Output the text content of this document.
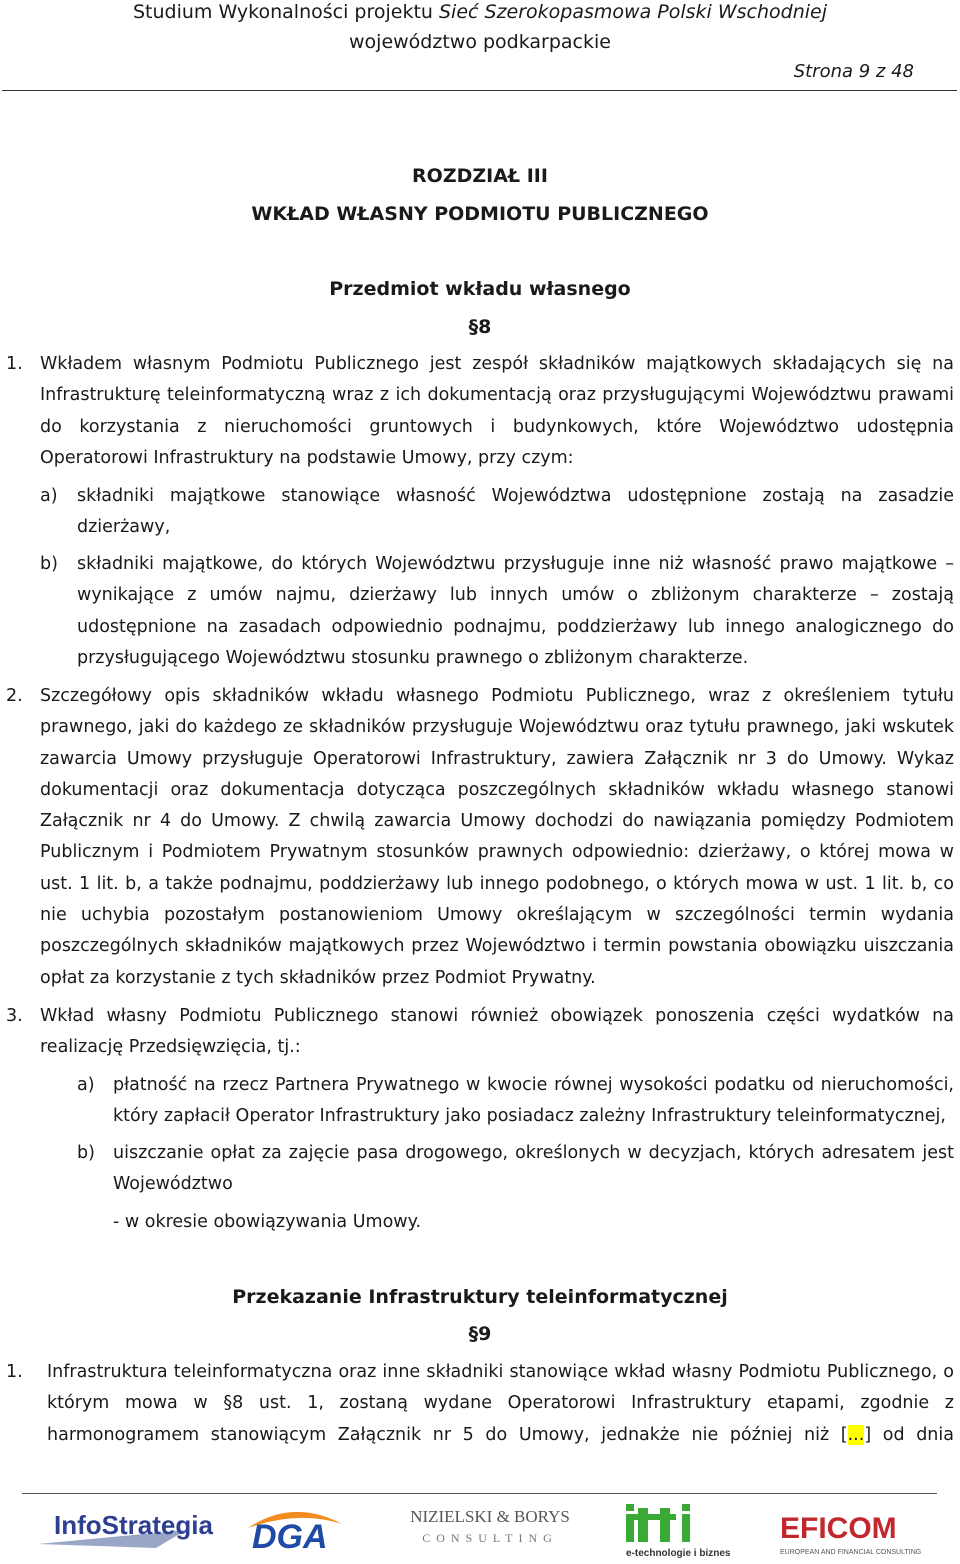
Studium Wykonalności projektu Sieć Szerokopasmowa Polski Wschodniej
województwo podkarpackie
Strona 9 z 48
ROZDZIAŁ III
WKŁAD WŁASNY PODMIOTU PUBLICZNEGO
Przedmiot wkładu własnego
§8
1. Wkładem własnym Podmiotu Publicznego jest zespół składników majątkowych składających się na Infrastrukturę teleinformatyczną wraz z ich dokumentacją oraz przysługującymi Województwu prawami do korzystania z nieruchomości gruntowych i budynkowych, które Województwo udostępnia Operatorowi Infrastruktury na podstawie Umowy, przy czym:
a) składniki majątkowe stanowiące własność Województwa udostępnione zostają na zasadzie dzierżawy,
b) składniki majątkowe, do których Województwu przysługuje inne niż własność prawo majątkowe – wynikające z umów najmu, dzierżawy lub innych umów o zbliżonym charakterze – zostają udostępnione na zasadach odpowiednio podnajmu, poddzierżawy lub innego analogicznego do przysługującego Województwu stosunku prawnego o zbliżonym charakterze.
2. Szczegółowy opis składników wkładu własnego Podmiotu Publicznego, wraz z określeniem tytułu prawnego, jaki do każdego ze składników przysługuje Województwu oraz tytułu prawnego, jaki wskutek zawarcia Umowy przysługuje Operatorowi Infrastruktury, zawiera Załącznik nr 3 do Umowy. Wykaz dokumentacji oraz dokumentacja dotycząca poszczególnych składników wkładu własnego stanowi Załącznik nr 4 do Umowy. Z chwilą zawarcia Umowy dochodzi do nawiązania pomiędzy Podmiotem Publicznym i Podmiotem Prywatnym stosunków prawnych odpowiednio: dzierżawy, o której mowa w ust. 1 lit. b, a także podnajmu, poddzierżawy lub innego podobnego, o których mowa w ust. 1 lit. b, co nie uchybia pozostałym postanowieniom Umowy określającym w szczególności termin wydania poszczególnych składników majątkowych przez Województwo i termin powstania obowiązku uiszczania opłat za korzystanie z tych składników przez Podmiot Prywatny.
3. Wkład własny Podmiotu Publicznego stanowi również obowiązek ponoszenia części wydatków na realizację Przedsięwzięcia, tj.:
a) płatność na rzecz Partnera Prywatnego w kwocie równej wysokości podatku od nieruchomości, który zapłacił Operator Infrastruktury jako posiadacz zależny Infrastruktury teleinformatycznej,
b) uiszczanie opłat za zajęcie pasa drogowego, określonych w decyzjach, których adresatem jest Województwo
- w okresie obowiązywania Umowy.
Przekazanie Infrastruktury teleinformatycznej
§9
1. Infrastruktura teleinformatyczna oraz inne składniki stanowiące wkład własny Podmiotu Publicznego, o którym mowa w §8 ust. 1, zostaną wydane Operatorowi Infrastruktury etapami, zgodnie z harmonogramem stanowiącym Załącznik nr 5 do Umowy, jednakże nie później niż [...] od dnia
InfoStrategia DGA
NIZIELSKI & BORYS
CONSULTING
e-technologie i biznes
EFICOM
EUROPEAN AND FINANCIAL CONSULTING
